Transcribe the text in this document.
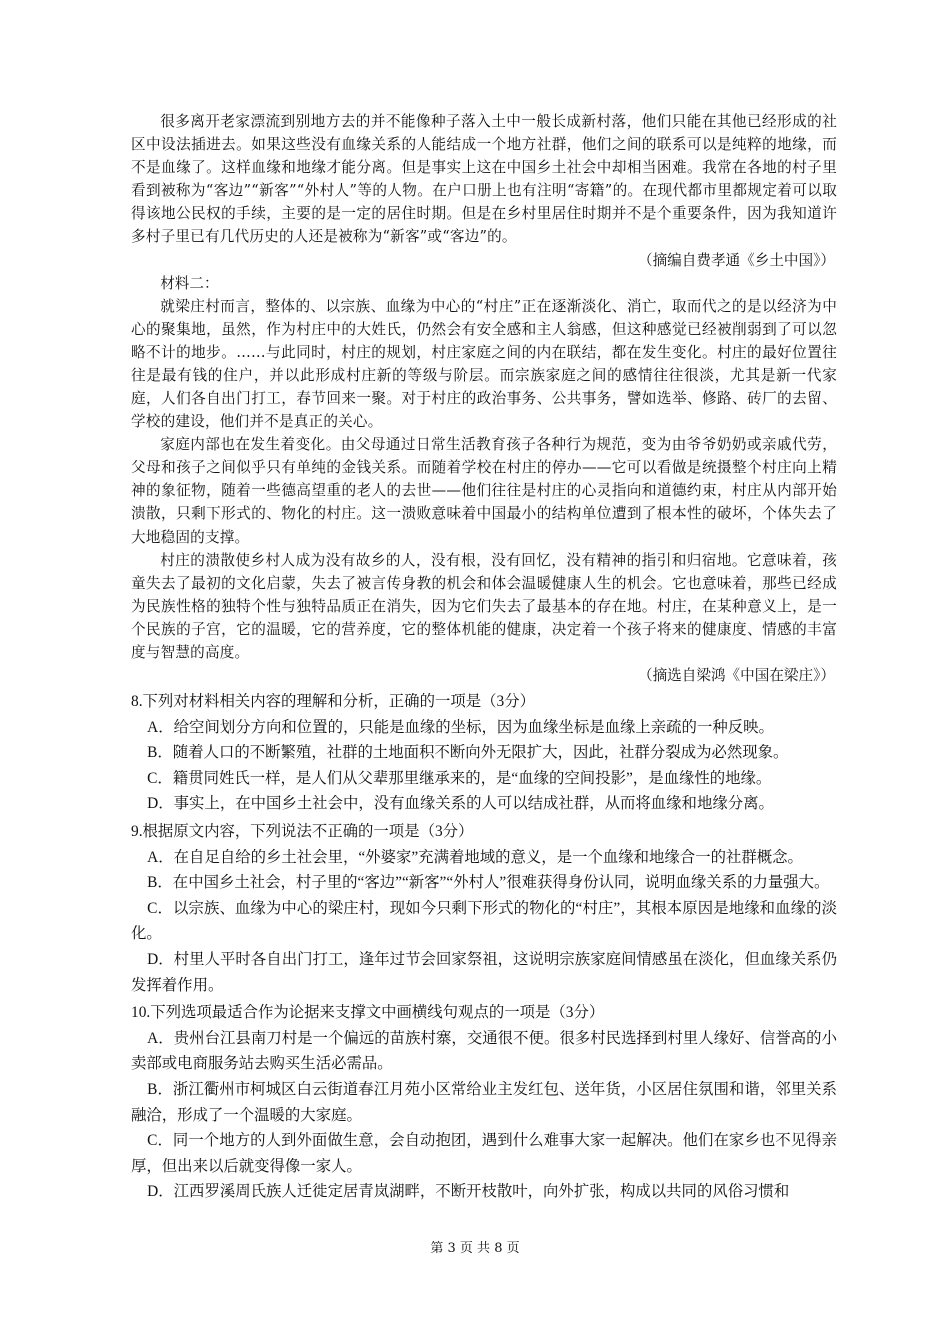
很多离开老家漂流到别地方去的并不能像种子落入土中一般长成新村落，他们只能在其他已经形成的社区中设法插进去。如果这些没有血缘关系的人能结成一个地方社群，他们之间的联系可以是纯粹的地缘，而不是血缘了。这样血缘和地缘才能分离。但是事实上这在中国乡土社会中却相当困难。我常在各地的村子里看到被称为“客边”“新客”“外村人”等的人物。在户口册上也有注明“寄籍”的。在现代都市里都规定着可以取得该地公民权的手续，主要的是一定的居住时期。但是在乡村里居住时期并不是个重要条件，因为我知道许多村子里已有几代历史的人还是被称为“新客”或“客边”的。

（摘编自费孝通《乡土中国》）

材料二：

就梁庄村而言，整体的、以宗族、血缘为中心的“村庄”正在逐渐淡化、消亡，取而代之的是以经济为中心的聚集地，虽然，作为村庄中的大姓氏，仍然会有安全感和主人翁感，但这种感觉已经被削弱到了可以忽略不计的地步。……与此同时，村庄的规划，村庄家庭之间的内在联结，都在发生变化。村庄的最好位置往往是最有钱的住户，并以此形成村庄新的等级与阶层。而宗族家庭之间的感情往往很淡，尤其是新一代家庭，人们各自出门打工，春节回来一聚。对于村庄的政治事务、公共事务，譬如选举、修路、砖厂的去留、学校的建设，他们并不是真正的关心。

家庭内部也在发生着变化。由父母通过日常生活教育孩子各种行为规范，变为由爷爷奶奶或亲戚代劳，父母和孩子之间似乎只有单纯的金钱关系。而随着学校在村庄的停办——它可以看做是统摄整个村庄向上精神的象征物，随着一些德高望重的老人的去世——他们往往是村庄的心灵指向和道德约束，村庄从内部开始溃散，只剩下形式的、物化的村庄。这一溃败意味着中国最小的结构单位遭到了根本性的破坏，个体失去了大地稳固的支撑。

村庄的溃散使乡村人成为没有故乡的人，没有根，没有回忆，没有精神的指引和归宿地。它意味着，孩童失去了最初的文化启蒙，失去了被言传身教的机会和体会温暖健康人生的机会。它也意味着，那些已经成为民族性格的独特个性与独特品质正在消失，因为它们失去了最基本的存在地。村庄，在某种意义上，是一个民族的子宫，它的温暖，它的营养度，它的整体机能的健康，决定着一个孩子将来的健康度、情感的丰富度与智慧的高度。

（摘选自梁鸿《中国在梁庄》）

8.下列对材料相关内容的理解和分析，正确的一项是（3分）

A．给空间划分方向和位置的，只能是血缘的坐标，因为血缘坐标是血缘上亲疏的一种反映。

B．随着人口的不断繁殖，社群的土地面积不断向外无限扩大，因此，社群分裂成为必然现象。

C．籍贯同姓氏一样，是人们从父辈那里继承来的，是“血缘的空间投影”，是血缘性的地缘。

D．事实上，在中国乡土社会中，没有血缘关系的人可以结成社群，从而将血缘和地缘分离。

9.根据原文内容，下列说法不正确的一项是（3分）

A．在自足自给的乡土社会里，“外婆家”充满着地域的意义，是一个血缘和地缘合一的社群概念。

B．在中国乡土社会，村子里的“客边”“新客”“外村人”很难获得身份认同，说明血缘关系的力量强大。

C．以宗族、血缘为中心的梁庄村，现如今只剩下形式的物化的“村庄”，其根本原因是地缘和血缘的淡化。

D．村里人平时各自出门打工，逢年过节会回家祭祖，这说明宗族家庭间情感虽在淡化，但血缘关系仍发挥着作用。

10.下列选项最适合作为论据来支撑文中画横线句观点的一项是（3分）

A．贵州台江县南刀村是一个偏远的苗族村寨，交通很不便。很多村民选择到村里人缘好、信誉高的小卖部或电商服务站去购买生活必需品。

B．浙江衢州市柯城区白云街道春江月苑小区常给业主发红包、送年货，小区居住氛围和谐，邻里关系融洽，形成了一个温暖的大家庭。

C．同一个地方的人到外面做生意，会自动抱团，遇到什么难事大家一起解决。他们在家乡也不见得亲厚，但出来以后就变得像一家人。

D．江西罗溪周氏族人迁徙定居青岚湖畔，不断开枝散叶，向外扩张，构成以共同的风俗习惯和

第 3 页 共 8 页
